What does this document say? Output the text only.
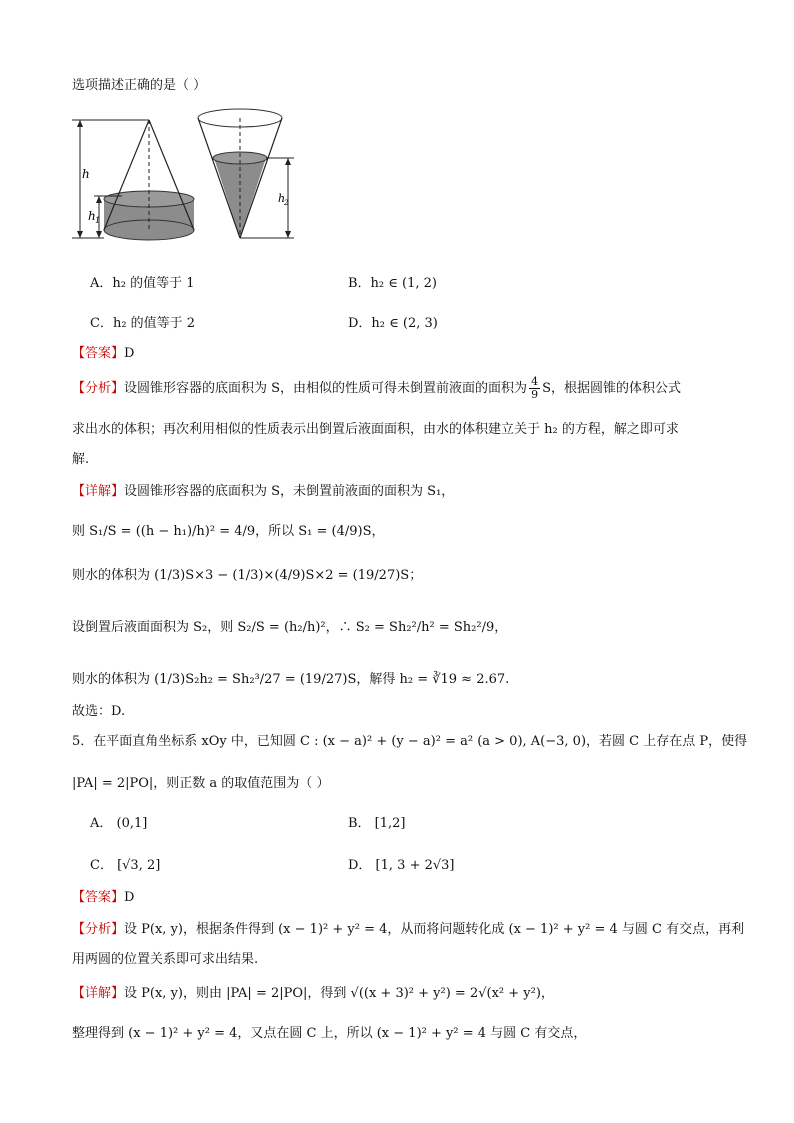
选项描述正确的是（ ）
h
h 1
h
2
A．h₂ 的值等于 1	B．h₂ ∈ (1, 2)
C．h₂ 的值等于 2	D．h₂ ∈ (2, 3)
【答案】D
【分析】设圆锥形容器的底面积为 S，由相似的性质可得未倒置前液面的面积为 $\frac{4}{9}$ S，根据圆锥的体积公式
求出水的体积；再次利用相似的性质表示出倒置后液面面积，由水的体积建立关于 h₂ 的方程，解之即可求
解.
【详解】设圆锥形容器的底面积为 S，未倒置前液面的面积为 S₁，
则 S₁/S = ((h − h₁)/h)² = 4/9，所以 S₁ = (4/9)S，
则水的体积为 (1/3)S×3 − (1/3)×(4/9)S×2 = (19/27)S；
设倒置后液面面积为 S₂，则 S₂/S = (h₂/h)²，∴ S₂ = Sh₂²/h² = Sh₂²/9，
则水的体积为 (1/3)S₂h₂ = Sh₂³/27 = (19/27)S，解得 h₂ = ∛19 ≈ 2.67.
故选：D.
5．在平面直角坐标系 xOy 中，已知圆 C : (x − a)² + (y − a)² = a² (a > 0), A(−3, 0)，若圆 C 上存在点 P，使得
|PA| = 2|PO|，则正数 a 的取值范围为（ ）
A． (0,1]	B． [1,2]
C． [√3, 2]	D． [1, 3 + 2√3]
【答案】D
【分析】设 P(x, y)，根据条件得到 (x − 1)² + y² = 4，从而将问题转化成 (x − 1)² + y² = 4 与圆 C 有交点，再利
用两圆的位置关系即可求出结果.
【详解】设 P(x, y)，则由 |PA| = 2|PO|，得到 √((x + 3)² + y²) = 2√(x² + y²)，
整理得到 (x − 1)² + y² = 4，又点在圆 C 上，所以 (x − 1)² + y² = 4 与圆 C 有交点，
